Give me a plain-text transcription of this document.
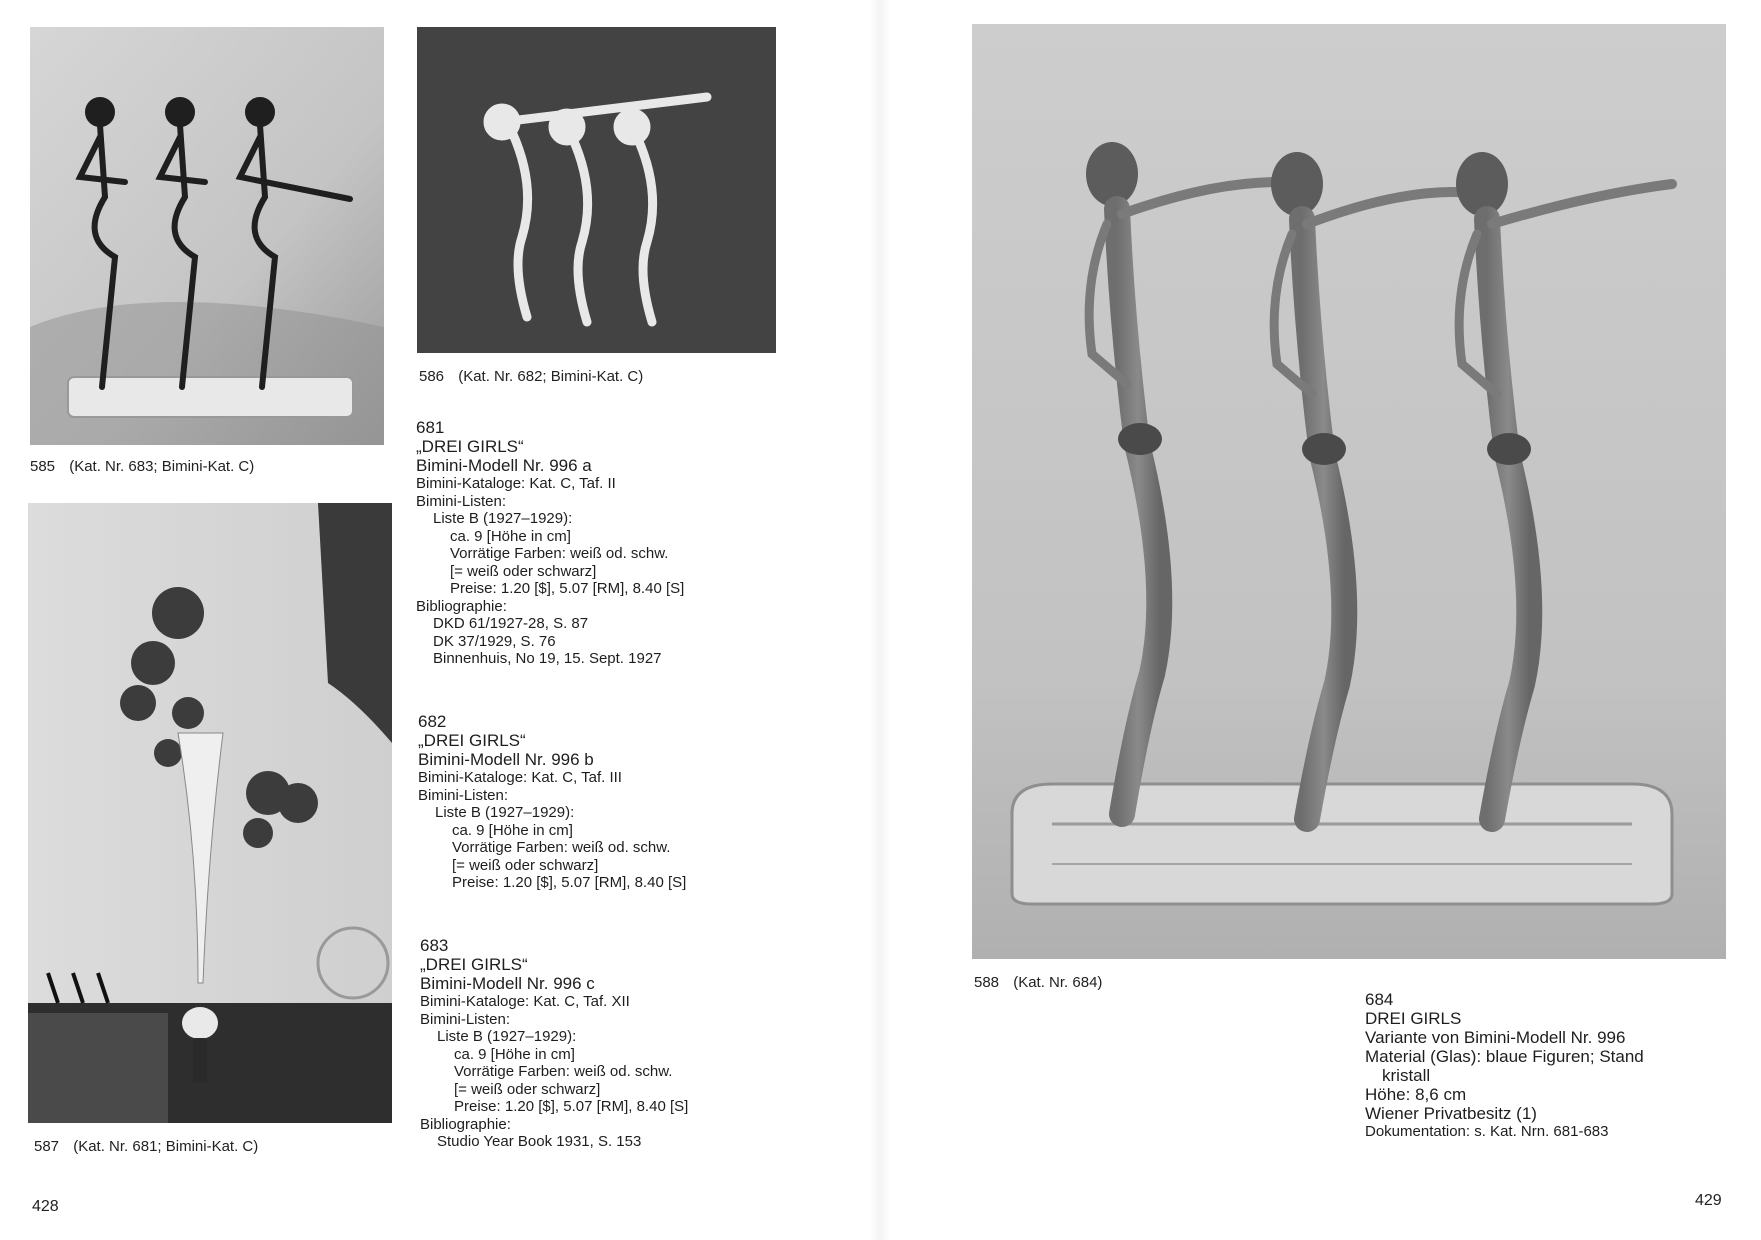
585 (Kat. Nr. 683; Bimini-Kat. C)
586 (Kat. Nr. 682; Bimini-Kat. C)
587 (Kat. Nr. 681; Bimini-Kat. C)
681
„DREI GIRLS“
Bimini-Modell Nr. 996 a
Bimini-Kataloge: Kat. C, Taf. II
Bimini-Listen:
Liste B (1927–1929):
ca. 9 [Höhe in cm]
Vorrätige Farben: weiß od. schw.
[= weiß oder schwarz]
Preise: 1.20 [$], 5.07 [RM], 8.40 [S]
Bibliographie:
DKD 61/1927-28, S. 87
DK 37/1929, S. 76
Binnenhuis, No 19, 15. Sept. 1927
682
„DREI GIRLS“
Bimini-Modell Nr. 996 b
Bimini-Kataloge: Kat. C, Taf. III
Bimini-Listen:
Liste B (1927–1929):
ca. 9 [Höhe in cm]
Vorrätige Farben: weiß od. schw.
[= weiß oder schwarz]
Preise: 1.20 [$], 5.07 [RM], 8.40 [S]
683
„DREI GIRLS“
Bimini-Modell Nr. 996 c
Bimini-Kataloge: Kat. C, Taf. XII
Bimini-Listen:
Liste B (1927–1929):
ca. 9 [Höhe in cm]
Vorrätige Farben: weiß od. schw.
[= weiß oder schwarz]
Preise: 1.20 [$], 5.07 [RM], 8.40 [S]
Bibliographie:
Studio Year Book 1931, S. 153
428
588 (Kat. Nr. 684)
684
DREI GIRLS
Variante von Bimini-Modell Nr. 996
Material (Glas): blaue Figuren; Stand
kristall
Höhe: 8,6 cm
Wiener Privatbesitz (1)
Dokumentation: s. Kat. Nrn. 681-683
429
